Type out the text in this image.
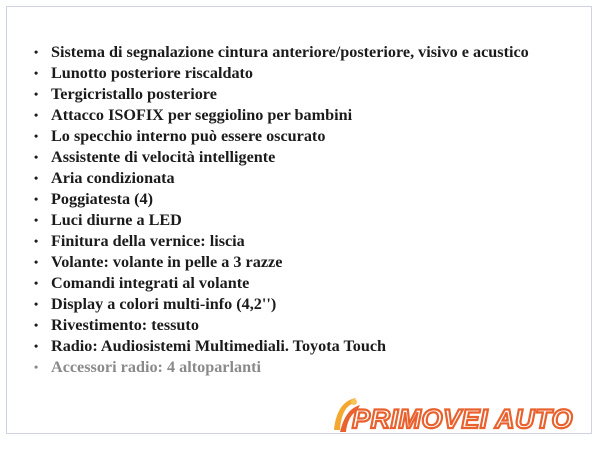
• Sistema di segnalazione cintura anteriore/posteriore, visivo e acustico
• Lunotto posteriore riscaldato
• Tergicristallo posteriore
• Attacco ISOFIX per seggiolino per bambini
• Lo specchio interno può essere oscurato
• Assistente di velocità intelligente
• Aria condizionata
• Poggiatesta (4)
• Luci diurne a LED
• Finitura della vernice: liscia
• Volante: volante in pelle a 3 razze
• Comandi integrati al volante
• Display a colori multi-info (4,2'')
• Rivestimento: tessuto
• Radio: Audiosistemi Multimediali. Toyota Touch
• Accessori radio: 4 altoparlanti
PRIMOVEI AUTO
